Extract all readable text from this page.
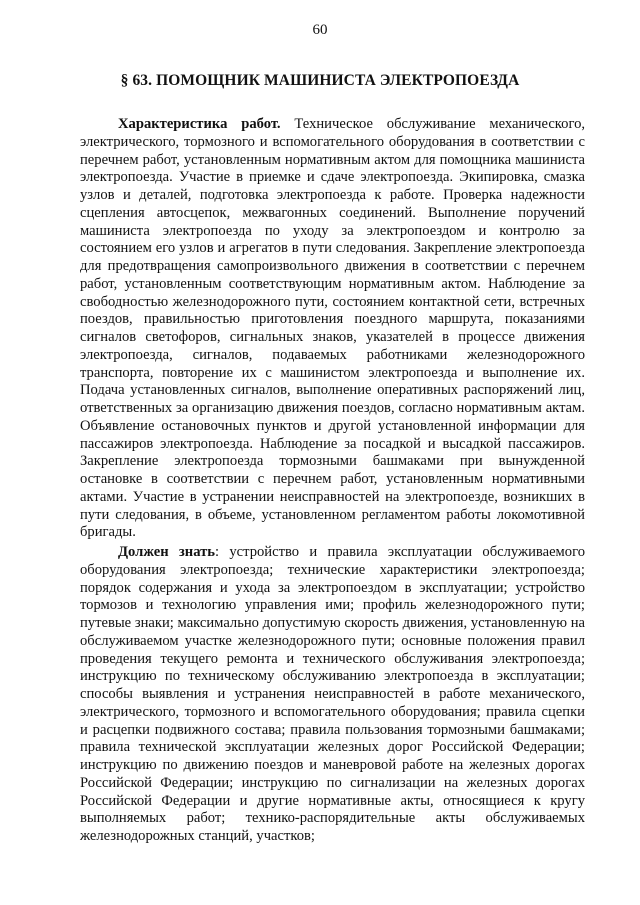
60
§ 63. ПОМОЩНИК МАШИНИСТА ЭЛЕКТРОПОЕЗДА

Характеристика работ. Техническое обслуживание механического, электрического, тормозного и вспомогательного оборудования в соответствии с перечнем работ, установленным нормативным актом для помощника машиниста электропоезда. Участие в приемке и сдаче электропоезда. Экипировка, смазка узлов и деталей, подготовка электропоезда к работе. Проверка надежности сцепления автосцепок, межвагонных соединений. Выполнение поручений машиниста электропоезда по уходу за электропоездом и контролю за состоянием его узлов и агрегатов в пути следования. Закрепление электропоезда для предотвращения самопроизвольного движения в соответствии с перечнем работ, установленным соответствующим нормативным актом. Наблюдение за свободностью железнодорожного пути, состоянием контактной сети, встречных поездов, правильностью приготовления поездного маршрута, показаниями сигналов светофоров, сигнальных знаков, указателей в процессе движения электропоезда, сигналов, подаваемых работниками железнодорожного транспорта, повторение их с машинистом электропоезда и выполнение их. Подача установленных сигналов, выполнение оперативных распоряжений лиц, ответственных за организацию движения поездов, согласно нормативным актам. Объявление остановочных пунктов и другой установленной информации для пассажиров электропоезда. Наблюдение за посадкой и высадкой пассажиров. Закрепление электропоезда тормозными башмаками при вынужденной остановке в соответствии с перечнем работ, установленным нормативными актами. Участие в устранении неисправностей на электропоезде, возникших в пути следования, в объеме, установленном регламентом работы локомотивной бригады.

Должен знать: устройство и правила эксплуатации обслуживаемого оборудования электропоезда; технические характеристики электропоезда; порядок содержания и ухода за электропоездом в эксплуатации; устройство тормозов и технологию управления ими; профиль железнодорожного пути; путевые знаки; максимально допустимую скорость движения, установленную на обслуживаемом участке железнодорожного пути; основные положения правил проведения текущего ремонта и технического обслуживания электропоезда; инструкцию по техническому обслуживанию электропоезда в эксплуатации; способы выявления и устранения неисправностей в работе механического, электрического, тормозного и вспомогательного оборудования; правила сцепки и расцепки подвижного состава; правила пользования тормозными башмаками; правила технической эксплуатации железных дорог Российской Федерации; инструкцию по движению поездов и маневровой работе на железных дорогах Российской Федерации; инструкцию по сигнализации на железных дорогах Российской Федерации и другие нормативные акты, относящиеся к кругу выполняемых работ; технико-распорядительные акты обслуживаемых железнодорожных станций, участков;
